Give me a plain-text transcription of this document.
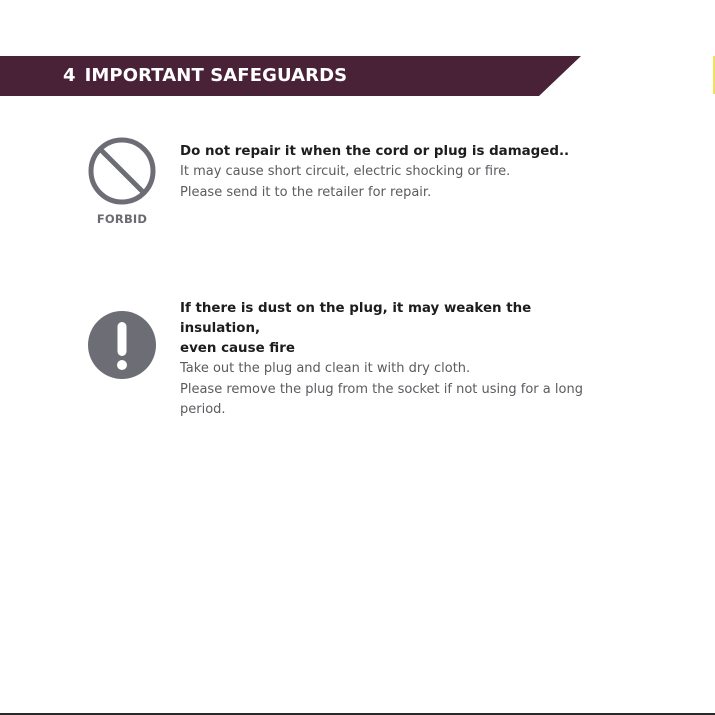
4 IMPORTANT SAFEGUARDS
FORBID

Do not repair it when the cord or plug is damaged..

It may cause short circuit, electric shocking or fire.

Please send it to the retailer for repair.

If there is dust on the plug, it may weaken the insulation,

even cause fire

Take out the plug and clean it with dry cloth.

Please remove the plug from the socket if not using for a long

period.
